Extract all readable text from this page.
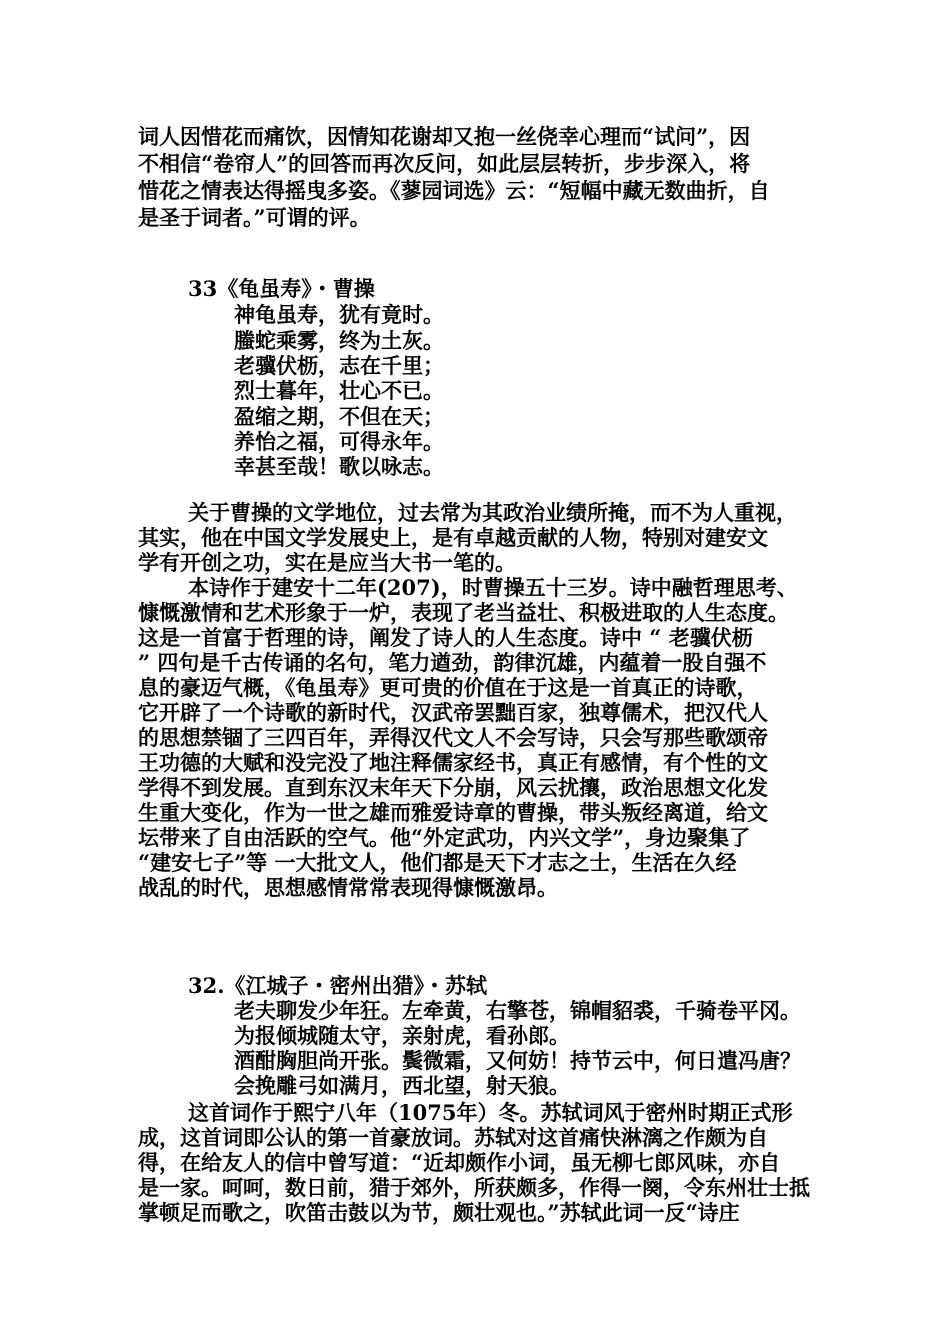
词人因惜花而痛饮，因情知花谢却又抱一丝侥幸心理而“试问”，因
不相信“卷帘人”的回答而再次反问，如此层层转折，步步深入，将
惜花之情表达得摇曳多姿。《蓼园词选》云：“短幅中藏无数曲折，自
是圣于词者。”可谓的评。
33《龟虽寿》・曹操
神龟虽寿，犹有竟时。
螣蛇乘雾，终为土灰。
老骥伏枥，志在千里；
烈士暮年，壮心不已。
盈缩之期，不但在天；
养怡之福，可得永年。
幸甚至哉！歌以咏志。
关于曹操的文学地位，过去常为其政治业绩所掩，而不为人重视，
其实，他在中国文学发展史上，是有卓越贡献的人物，特别对建安文
学有开创之功，实在是应当大书一笔的。
本诗作于建安十二年(207)，时曹操五十三岁。诗中融哲理思考、
慷慨激情和艺术形象于一炉，表现了老当益壮、积极进取的人生态度。
这是一首富于哲理的诗，阐发了诗人的人生态度。诗中 “ 老骥伏枥
” 四句是千古传诵的名句，笔力遒劲，韵律沉雄，内蕴着一股自强不
息的豪迈气概，《龟虽寿》更可贵的价值在于这是一首真正的诗歌，
它开辟了一个诗歌的新时代，汉武帝罢黜百家，独尊儒术，把汉代人
的思想禁锢了三四百年，弄得汉代文人不会写诗，只会写那些歌颂帝
王功德的大赋和没完没了地注释儒家经书，真正有感情，有个性的文
学得不到发展。直到东汉末年天下分崩，风云扰攘，政治思想文化发
生重大变化，作为一世之雄而雅爱诗章的曹操，带头叛经离道，给文
坛带来了自由活跃的空气。他“外定武功，内兴文学”，身边聚集了
“建安七子”等 一大批文人，他们都是天下才志之士，生活在久经
战乱的时代，思想感情常常表现得慷慨激昂。
32.《江城子・密州出猎》・苏轼
老夫聊发少年狂。左牵黄，右擎苍，锦帽貂裘，千骑卷平冈。
为报倾城随太守，亲射虎，看孙郎。
酒酣胸胆尚开张。鬓微霜，又何妨！持节云中，何日遣冯唐？
会挽雕弓如满月，西北望，射天狼。
这首词作于熙宁八年（1075年）冬。苏轼词风于密州时期正式形
成，这首词即公认的第一首豪放词。苏轼对这首痛快淋漓之作颇为自
得，在给友人的信中曾写道：“近却颇作小词，虽无柳七郎风味，亦自
是一家。呵呵，数日前，猎于郊外，所获颇多，作得一阕，令东州壮士抵
掌顿足而歌之，吹笛击鼓以为节，颇壮观也。”苏轼此词一反“诗庄
